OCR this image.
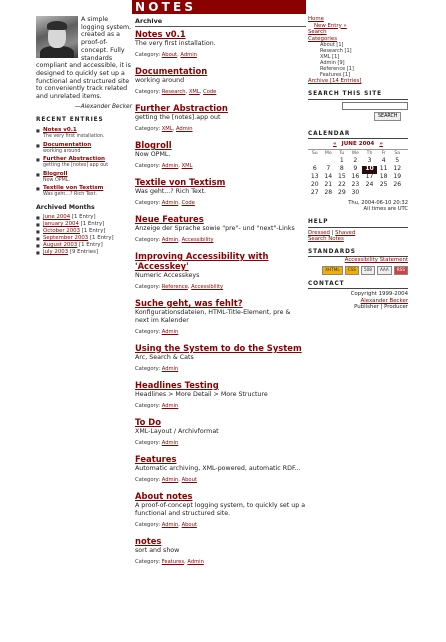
A simple logging system, created as a proof-of-concept. Fully standards compliant and accessible, it is designed to quickly set up a functional and structured site to conveniently track related and unrelated items.
—Alexander Becker
RECENT ENTRIES
■ Notes v0.1
The very first installation.
■ Documentation
working around
■ Further Abstraction
getting the [notes] app out
■ Blogroll
Now OPML.
■ Textile von Textism
Was geht...? Rich Text.
Archived Months
■ June 2004 [1 Entry]
■ January 2004 [1 Entry]
■ October 2003 [1 Entry]
■ September 2003 [1 Entry]
■ August 2003 [1 Entry]
■ July 2003 [9 Entries]
NOTES
Archive
Notes v0.1
The very first installation.
Category: About, Admin
Documentation
working around
Category: Research, XML, Code
Further Abstraction
getting the [notes].app out
Category: XML, Admin
Blogroll
Now OPML.
Category: Admin, XML
Textile von Textism
Was geht...? Rich Text.
Category: Admin, Code
Neue Features
Anzeige der Sprache sowie "pre"- und "next"-Links
Category: Admin, Accessibility
Improving Accessibility with 'Accesskey'
Numeric Accesskeys
Category: Reference, Accessibility
Suche geht, was fehlt?
Konfigurationsdateien, HTML-Title-Element, pre & next im Kalender
Category: Admin
Using the System to do the System
Arc, Search & Cats
Category: Admin
Headlines Testing
Headlines > More Detail > More Structure
Category: Admin
To Do
XML-Layout / Archivformat
Category: Admin
Features
Automatic archiving, XML-powered, automatic RDF...
Category: Admin, About
About notes
A proof-of-concept logging system, to quickly set up a functional and structured site.
Category: Admin, About
notes
sort and show
Category: Features, Admin
Home
New Entry »
Search
Categories
About [1]
Research [1]
XML [1]
Admin [9]
Reference [1]
Features [1]
Archive [14 Entries]
SEARCH THIS SITE
SEARCH
CALENDAR
« JUNE 2004 »
Su	Mo	Tu	We	Th	Fr	Sa
		1	2	3	4	5
6	7	8	9	10	11	12
13	14	15	16	17	18	19
20	21	22	23	24	25	26
27	28	29	30			
Thu, 2004-06-10 20:32
All times are UTC
HELP
Dressed | Shaved
Search Notes
STANDARDS
Accessibility Statement
XHTML	CSS	508	AAA	RSS
CONTACT
Copyright 1999-2004
Alexander Becker
Publisher | Producer
